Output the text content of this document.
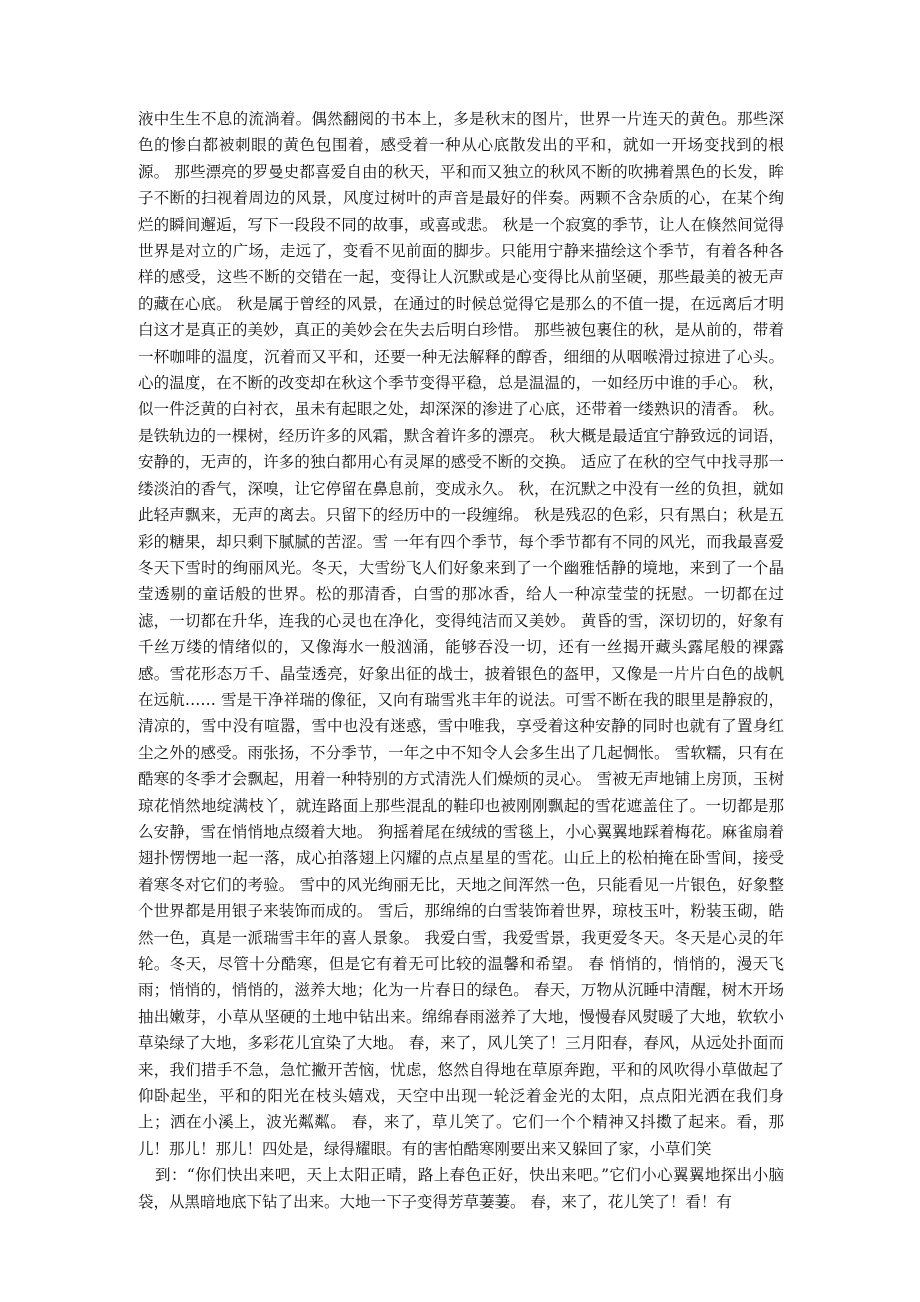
液中生生不息的流淌着。偶然翻阅的书本上，多是秋末的图片，世界一片连天的黄色。那些深色的惨白都被刺眼的黄色包围着，感受着一种从心底散发出的平和，就如一开场变找到的根源。 那些漂亮的罗曼史都喜爱自由的秋天，平和而又独立的秋风不断的吹拂着黑色的长发，眸子不断的扫视着周边的风景，风度过树叶的声音是最好的伴奏。两颗不含杂质的心，在某个绚烂的瞬间邂逅，写下一段段不同的故事，或喜或悲。 秋是一个寂寞的季节，让人在倏然间觉得世界是对立的广场，走远了，变看不见前面的脚步。只能用宁静来描绘这个季节，有着各种各样的感受，这些不断的交错在一起，变得让人沉默或是心变得比从前坚硬，那些最美的被无声的藏在心底。 秋是属于曾经的风景，在通过的时候总觉得它是那么的不值一提，在远离后才明白这才是真正的美妙，真正的美妙会在失去后明白珍惜。 那些被包裹住的秋，是从前的，带着一杯咖啡的温度，沉着而又平和，还要一种无法解释的醇香，细细的从咽喉滑过掠进了心头。心的温度，在不断的改变却在秋这个季节变得平稳，总是温温的，一如经历中谁的手心。 秋，似一件泛黄的白衬衣，虽未有起眼之处，却深深的渗进了心底，还带着一缕熟识的清香。 秋。是铁轨边的一棵树，经历许多的风霜，默含着许多的漂亮。 秋大概是最适宜宁静致远的词语，安静的，无声的，许多的独白都用心有灵犀的感受不断的交换。 适应了在秋的空气中找寻那一缕淡泊的香气，深嗅，让它停留在鼻息前，变成永久。 秋，在沉默之中没有一丝的负担，就如此轻声飘来，无声的离去。只留下的经历中的一段缠绵。 秋是残忍的色彩，只有黑白；秋是五彩的糖果，却只剩下腻腻的苦涩。雪 一年有四个季节，每个季节都有不同的风光，而我最喜爱冬天下雪时的绚丽风光。冬天，大雪纷飞人们好象来到了一个幽雅恬静的境地，来到了一个晶莹透剔的童话般的世界。松的那清香，白雪的那冰香，给人一种凉莹莹的抚慰。一切都在过滤，一切都在升华，连我的心灵也在净化，变得纯洁而又美妙。 黄昏的雪，深切切的，好象有千丝万缕的情绪似的，又像海水一般汹涌，能够吞没一切，还有一丝揭开藏头露尾般的裸露感。雪花形态万千、晶莹透亮，好象出征的战士，披着银色的盔甲，又像是一片片白色的战帆在远航…… 雪是干净祥瑞的像征，又向有瑞雪兆丰年的说法。可雪不断在我的眼里是静寂的，清凉的，雪中没有喧嚣，雪中也没有迷惑，雪中唯我，享受着这种安静的同时也就有了置身红尘之外的感受。雨张扬，不分季节，一年之中不知令人会多生出了几起惆怅。 雪软糯，只有在酷寒的冬季才会飘起，用着一种特别的方式清洗人们燥烦的灵心。 雪被无声地铺上房顶，玉树琼花悄然地绽满枝丫，就连路面上那些混乱的鞋印也被刚刚飘起的雪花遮盖住了。一切都是那么安静，雪在悄悄地点缀着大地。 狗摇着尾在绒绒的雪毯上，小心翼翼地踩着梅花。麻雀扇着翅扑愣愣地一起一落，成心拍落翅上闪耀的点点星星的雪花。山丘上的松柏掩在卧雪间，接受着寒冬对它们的考验。 雪中的风光绚丽无比，天地之间浑然一色，只能看见一片银色，好象整个世界都是用银子来装饰而成的。 雪后，那绵绵的白雪装饰着世界，琼枝玉叶，粉装玉砌，皓然一色，真是一派瑞雪丰年的喜人景象。 我爱白雪，我爱雪景，我更爱冬天。冬天是心灵的年轮。冬天，尽管十分酷寒，但是它有着无可比较的温馨和希望。 春 悄悄的，悄悄的，漫天飞雨；悄悄的，悄悄的，滋养大地；化为一片春日的绿色。 春天，万物从沉睡中清醒，树木开场抽出嫩芽，小草从坚硬的土地中钻出来。绵绵春雨滋养了大地，慢慢春风熨暖了大地，软软小草染绿了大地，多彩花儿宜染了大地。 春，来了，风儿笑了！三月阳春，春风，从远处扑面而来，我们措手不急，急忙撇开苦恼，忧虑，悠然自得地在草原奔跑，平和的风吹得小草做起了仰卧起坐，平和的阳光在枝头嬉戏，天空中出现一轮泛着金光的太阳，点点阳光洒在我们身上；洒在小溪上，波光粼粼。 春，来了，草儿笑了。它们一个个精神又抖擞了起来。看，那儿！那儿！那儿！四处是，绿得耀眼。有的害怕酷寒刚要出来又躲回了家，小草们笑

到：“你们快出来吧，天上太阳正晴，路上春色正好，快出来吧。”它们小心翼翼地探出小脑袋，从黑暗地底下钻了出来。大地一下子变得芳草萋萋。 春，来了，花儿笑了！看！有
